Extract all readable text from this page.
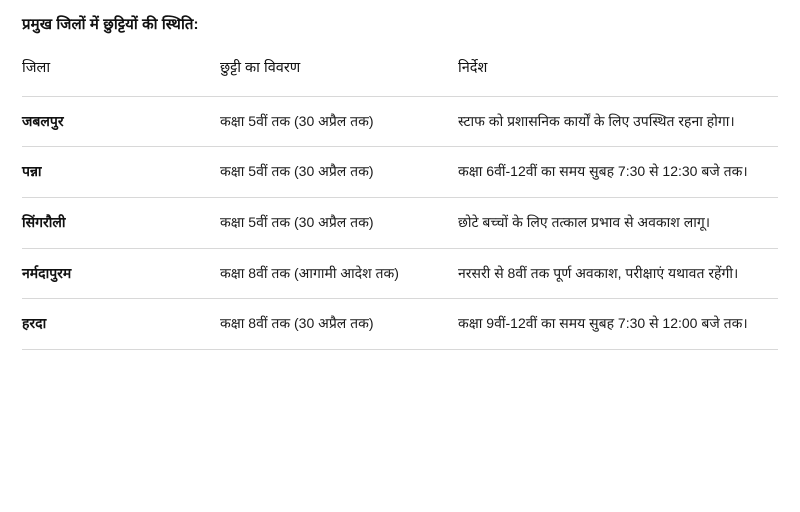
प्रमुख जिलों में छुट्टियों की स्थिति:

जिला	छुट्टी का विवरण	निर्देश
जबलपुर	कक्षा 5वीं तक (30 अप्रैल तक)	स्टाफ को प्रशासनिक कार्यों के लिए उपस्थित रहना होगा।
पन्ना	कक्षा 5वीं तक (30 अप्रैल तक)	कक्षा 6वीं-12वीं का समय सुबह 7:30 से 12:30 बजे तक।
सिंगरौली	कक्षा 5वीं तक (30 अप्रैल तक)	छोटे बच्चों के लिए तत्काल प्रभाव से अवकाश लागू।
नर्मदापुरम	कक्षा 8वीं तक (आगामी आदेश तक)	नरसरी से 8वीं तक पूर्ण अवकाश, परीक्षाएं यथावत रहेंगी।
हरदा	कक्षा 8वीं तक (30 अप्रैल तक)	कक्षा 9वीं-12वीं का समय सुबह 7:30 से 12:00 बजे तक।
